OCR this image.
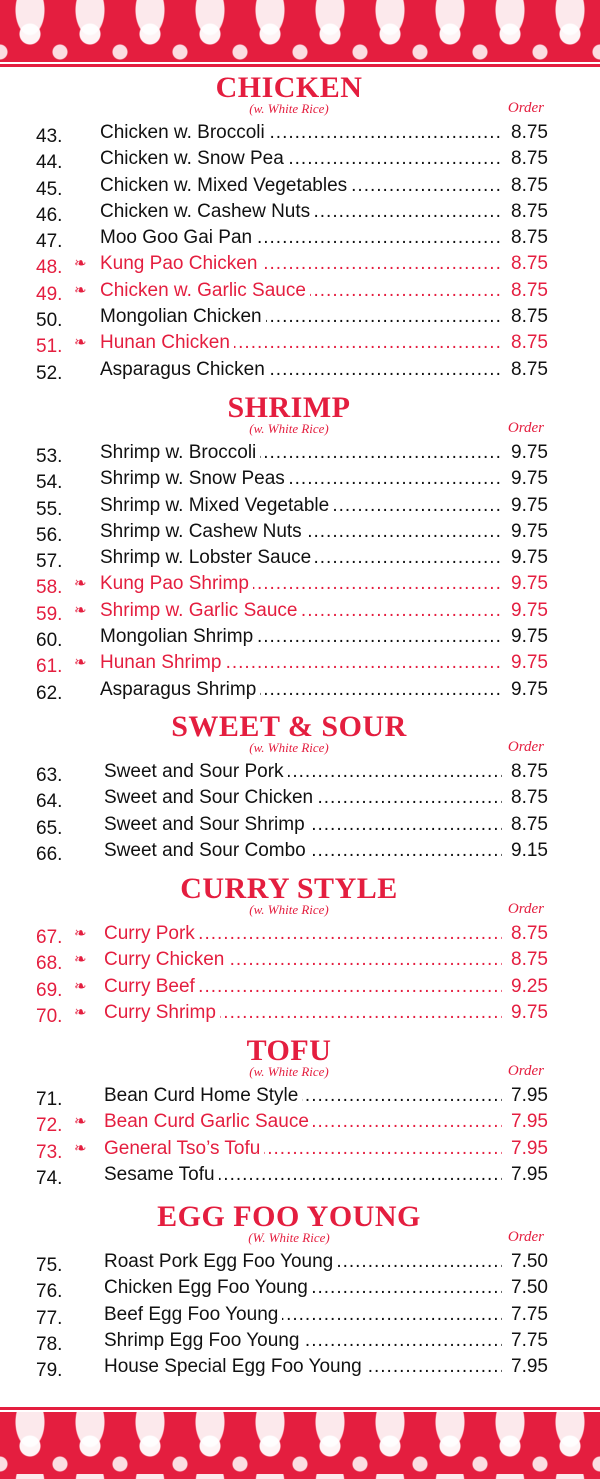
CHICKEN
(w. White Rice)	Order
43.	Chicken w. Broccoli .....	8.75
44.	Chicken w. Snow Pea .....	8.75
45.	Chicken w. Mixed Vegetables .....	8.75
46.	Chicken w. Cashew Nuts .....	8.75
47.	Moo Goo Gai Pan .....	8.75
48. ❧ Kung Pao Chicken .....	8.75
49. ❧ Chicken w. Garlic Sauce .....	8.75
50.	Mongolian Chicken .....	8.75
51. ❧ Hunan Chicken .....	8.75
52.	Asparagus Chicken .....	8.75
SHRIMP
(w. White Rice)	Order
53.	Shrimp w. Broccoli .....	9.75
54.	Shrimp w. Snow Peas .....	9.75
55.	Shrimp w. Mixed Vegetable .....	9.75
56.	Shrimp w. Cashew Nuts .....	9.75
57.	Shrimp w. Lobster Sauce .....	9.75
58. ❧ Kung Pao Shrimp .....	9.75
59. ❧ Shrimp w. Garlic Sauce .....	9.75
60.	Mongolian Shrimp .....	9.75
61. ❧ Hunan Shrimp .....	9.75
62.	Asparagus Shrimp .....	9.75
SWEET & SOUR
(w. White Rice)	Order
63.	Sweet and Sour Pork .....	8.75
64.	Sweet and Sour Chicken .....	8.75
65.	Sweet and Sour Shrimp .....	8.75
66.	Sweet and Sour Combo .....	9.15
CURRY STYLE
(w. White Rice)	Order
67. ❧ Curry Pork .....	8.75
68. ❧ Curry Chicken .....	8.75
69. ❧ Curry Beef .....	9.25
70. ❧ Curry Shrimp .....	9.75
TOFU
(w. White Rice)	Order
71.	Bean Curd Home Style .....	7.95
72. ❧ Bean Curd Garlic Sauce .....	7.95
73. ❧ General Tso’s Tofu .....	7.95
74.	Sesame Tofu .....	7.95
EGG FOO YOUNG
(W. White Rice)	Order
75.	Roast Pork Egg Foo Young .....	7.50
76.	Chicken Egg Foo Young .....	7.50
77.	Beef Egg Foo Young .....	7.75
78.	Shrimp Egg Foo Young .....	7.75
79.	House Special Egg Foo Young .....	7.95
